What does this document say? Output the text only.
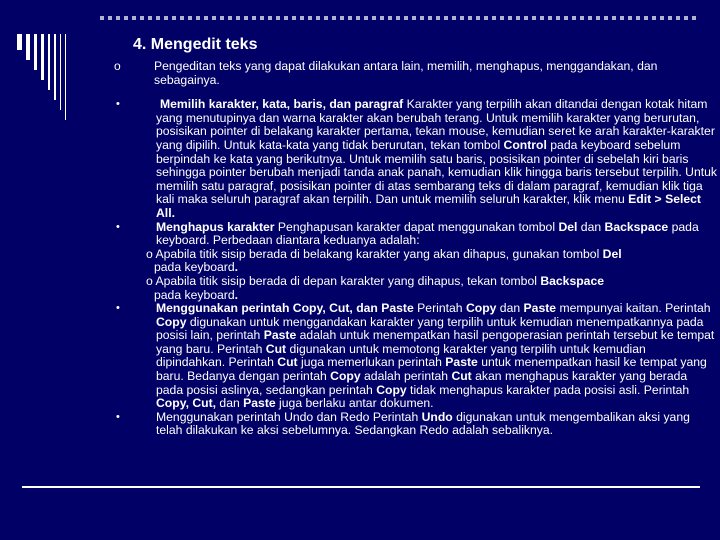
4. Mengedit teks
o	Pengeditan teks yang dapat dilakukan antara lain, memilih, menghapus, menggandakan, dan sebagainya.
•	Memilih karakter, kata, baris, dan paragraf Karakter yang terpilih akan ditandai dengan kotak hitam yang menutupinya dan warna karakter akan berubah terang. Untuk memilih karakter yang berurutan, posisikan pointer di belakang karakter pertama, tekan mouse, kemudian seret ke arah karakter-karakter yang dipilih. Untuk kata-kata yang tidak berurutan, tekan tombol Control pada keyboard sebelum berpindah ke kata yang berikutnya. Untuk memilih satu baris, posisikan pointer di sebelah kiri baris sehingga pointer berubah menjadi tanda anak panah, kemudian klik hingga baris tersebut terpilih. Untuk memilih satu paragraf, posisikan pointer di atas sembarang teks di dalam paragraf, kemudian klik tiga kali maka seluruh paragraf akan terpilih. Dan untuk memilih seluruh karakter, klik menu Edit > Select All.
•	Menghapus karakter Penghapusan karakter dapat menggunakan tombol Del dan Backspace pada keyboard. Perbedaan diantara keduanya adalah:
o Apabila titik sisip berada di belakang karakter yang akan dihapus, gunakan tombol Del
pada keyboard.
o Apabila titik sisip berada di depan karakter yang dihapus, tekan tombol Backspace
pada keyboard.
•	Menggunakan perintah Copy, Cut, dan Paste Perintah Copy dan Paste mempunyai kaitan. Perintah Copy digunakan untuk menggandakan karakter yang terpilih untuk kemudian menempatkannya pada posisi lain, perintah Paste adalah untuk menempatkan hasil pengoperasian perintah tersebut ke tempat yang baru. Perintah Cut digunakan untuk memotong karakter yang terpilih untuk kemudian dipindahkan. Perintah Cut juga memerlukan perintah Paste untuk menempatkan hasil ke tempat yang baru. Bedanya dengan perintah Copy adalah perintah Cut akan menghapus karakter yang berada pada posisi aslinya, sedangkan perintah Copy tidak menghapus karakter pada posisi asli. Perintah Copy, Cut, dan Paste juga berlaku antar dokumen.
•	Menggunakan perintah Undo dan Redo Perintah Undo digunakan untuk mengembalikan aksi yang telah dilakukan ke aksi sebelumnya. Sedangkan Redo adalah sebaliknya.
